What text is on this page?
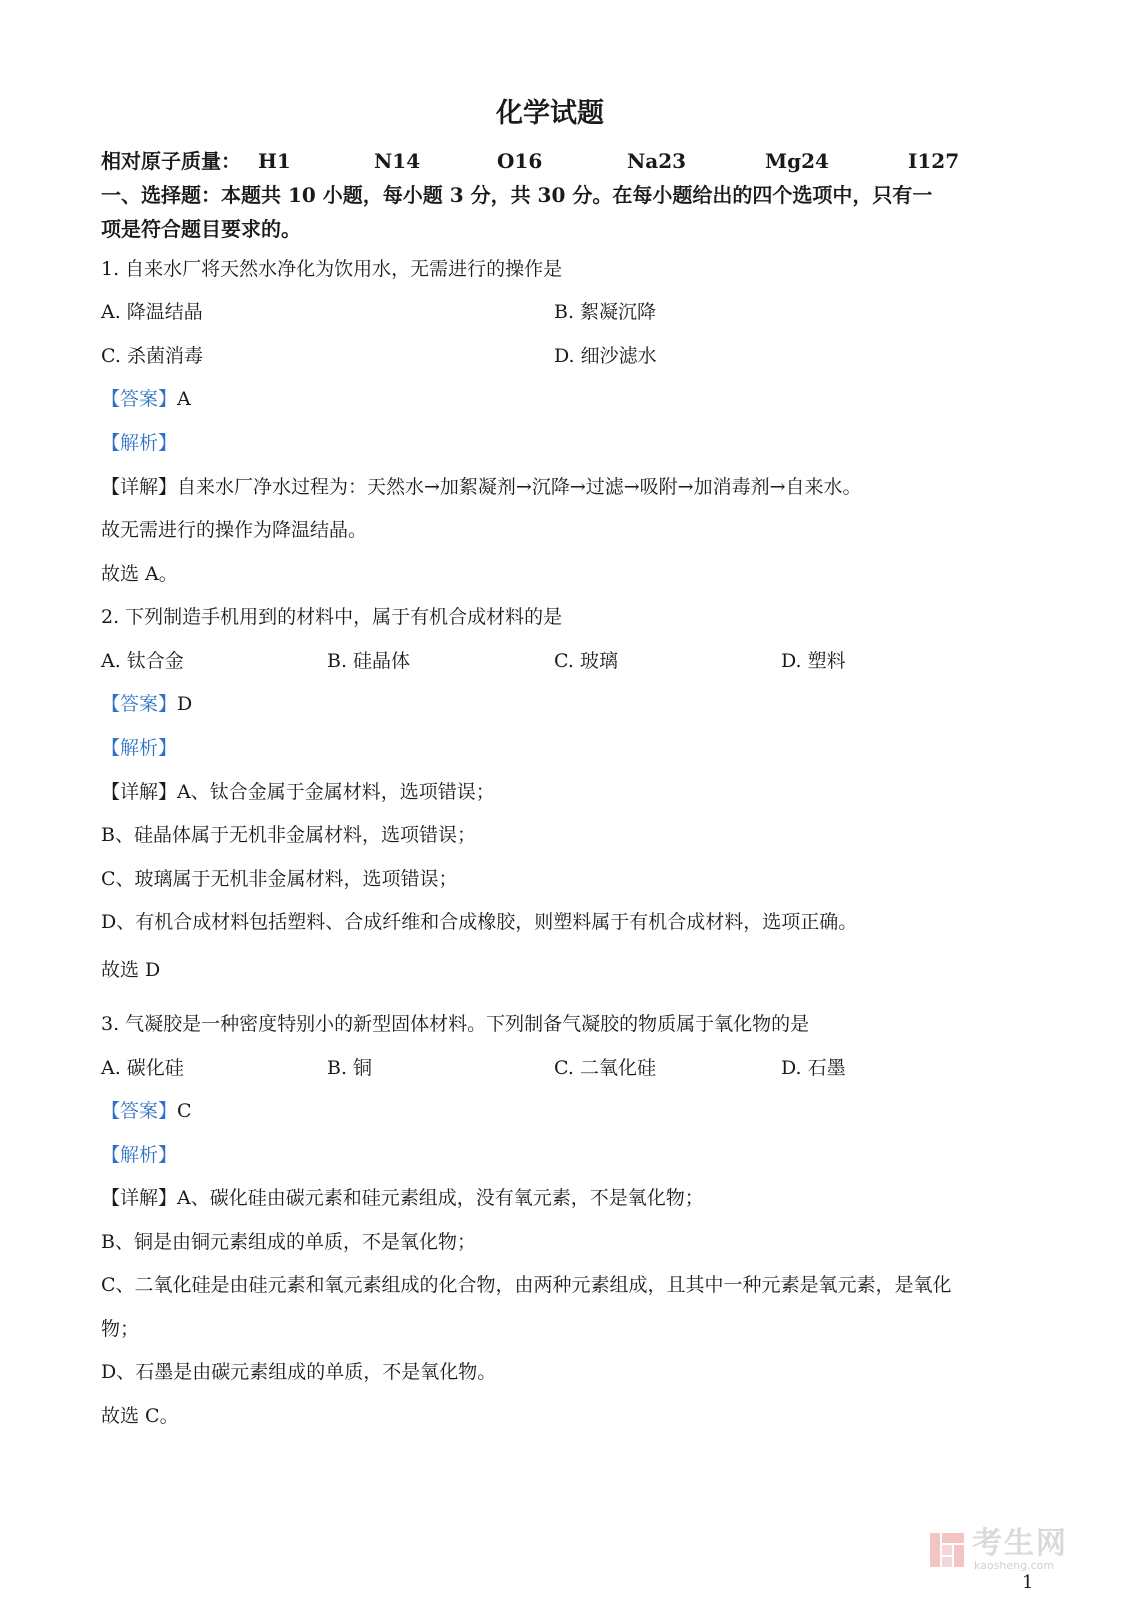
化学试题
相对原子质量： H1	N14	O16	Na23	Mg24	I127
一、选择题：本题共 10 小题，每小题 3 分，共 30 分。在每小题给出的四个选项中，只有一
项是符合题目要求的。
1. 自来水厂将天然水净化为饮用水，无需进行的操作是
A. 降温结晶	B. 絮凝沉降
C. 杀菌消毒	D. 细沙滤水
【答案】A
【解析】
【详解】自来水厂净水过程为：天然水→加絮凝剂→沉降→过滤→吸附→加消毒剂→自来水。
故无需进行的操作为降温结晶。
故选 A。
2. 下列制造手机用到的材料中，属于有机合成材料的是
A. 钛合金	B. 硅晶体	C. 玻璃	D. 塑料
【答案】D
【解析】
【详解】A、钛合金属于金属材料，选项错误；
B、硅晶体属于无机非金属材料，选项错误；
C、玻璃属于无机非金属材料，选项错误；
D、有机合成材料包括塑料、合成纤维和合成橡胶，则塑料属于有机合成材料，选项正确。
故选 D
3. 气凝胶是一种密度特别小的新型固体材料。下列制备气凝胶的物质属于氧化物的是
A. 碳化硅	B. 铜	C. 二氧化硅	D. 石墨
【答案】C
【解析】
【详解】A、碳化硅由碳元素和硅元素组成，没有氧元素，不是氧化物；
B、铜是由铜元素组成的单质，不是氧化物；
C、二氧化硅是由硅元素和氧元素组成的化合物，由两种元素组成，且其中一种元素是氧元素，是氧化
物；
D、石墨是由碳元素组成的单质，不是氧化物。
故选 C。
考生网
kaosheng.com
1
